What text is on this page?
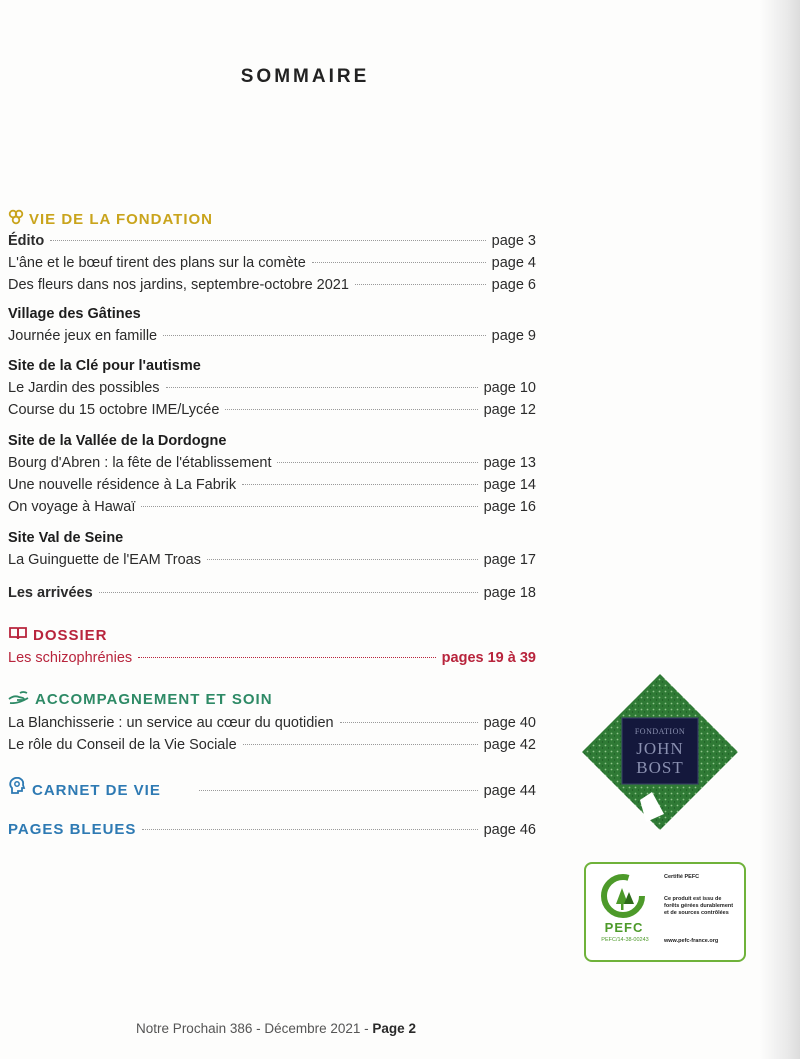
SOMMAIRE
VIE DE LA FONDATION
Édito	page 3
L'âne et le bœuf tirent des plans sur la comète	page 4
Des fleurs dans nos jardins, septembre-octobre 2021	page 6
Village des Gâtines
Journée jeux en famille	page 9
Site de la Clé pour l'autisme
Le Jardin des possibles	page 10
Course du 15 octobre IME/Lycée	page 12
Site de la Vallée de la Dordogne
Bourg d'Abren : la fête de l'établissement	page 13
Une nouvelle résidence à La Fabrik	page 14
On voyage à Hawaï	page 16
Site Val de Seine
La Guinguette de l'EAM Troas	page 17
Les arrivées	page 18
DOSSIER
Les schizophrénies	pages 19 à 39
ACCOMPAGNEMENT ET SOIN
La Blanchisserie : un service au cœur du quotidien	page 40
Le rôle du Conseil de la Vie Sociale	page 42
CARNET DE VIE	page 44
PAGES BLEUES	page 46
FONDATION
JOHN
BOST
PEFC
PEFC/14-38-00243
Certifié PEFC
Ce produit est issu de
forêts gérées durablement
et de sources contrôlées
www.pefc-france.org
Notre Prochain 386 - Décembre 2021 - Page 2
